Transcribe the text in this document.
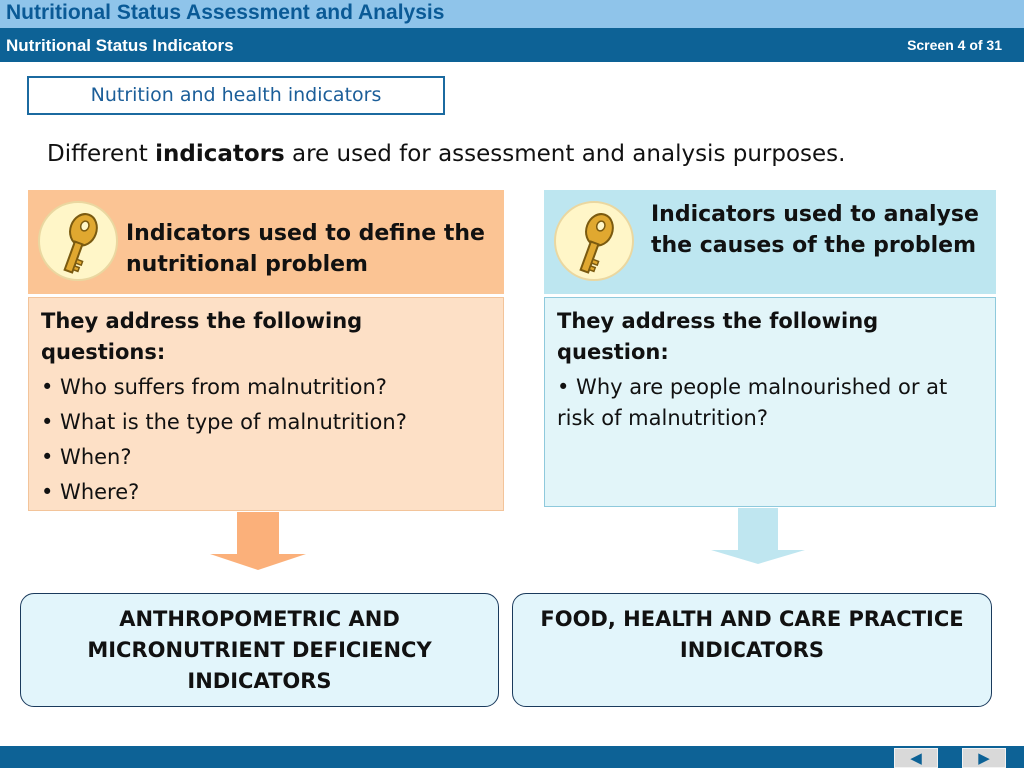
Nutritional Status Assessment and Analysis
Nutritional Status Indicators	Screen 4 of 31
Nutrition and health indicators
Different indicators are used for assessment and analysis purposes.
Indicators used to define the nutritional problem
They address the following questions:
• Who suffers from malnutrition?
• What is the type of malnutrition?
• When?
• Where?
Indicators used to analyse the causes of the problem
They address the following question:
• Why are people malnourished or at risk of malnutrition?
ANTHROPOMETRIC AND MICRONUTRIENT DEFICIENCY INDICATORS
FOOD, HEALTH AND CARE PRACTICE INDICATORS
◀	▶
